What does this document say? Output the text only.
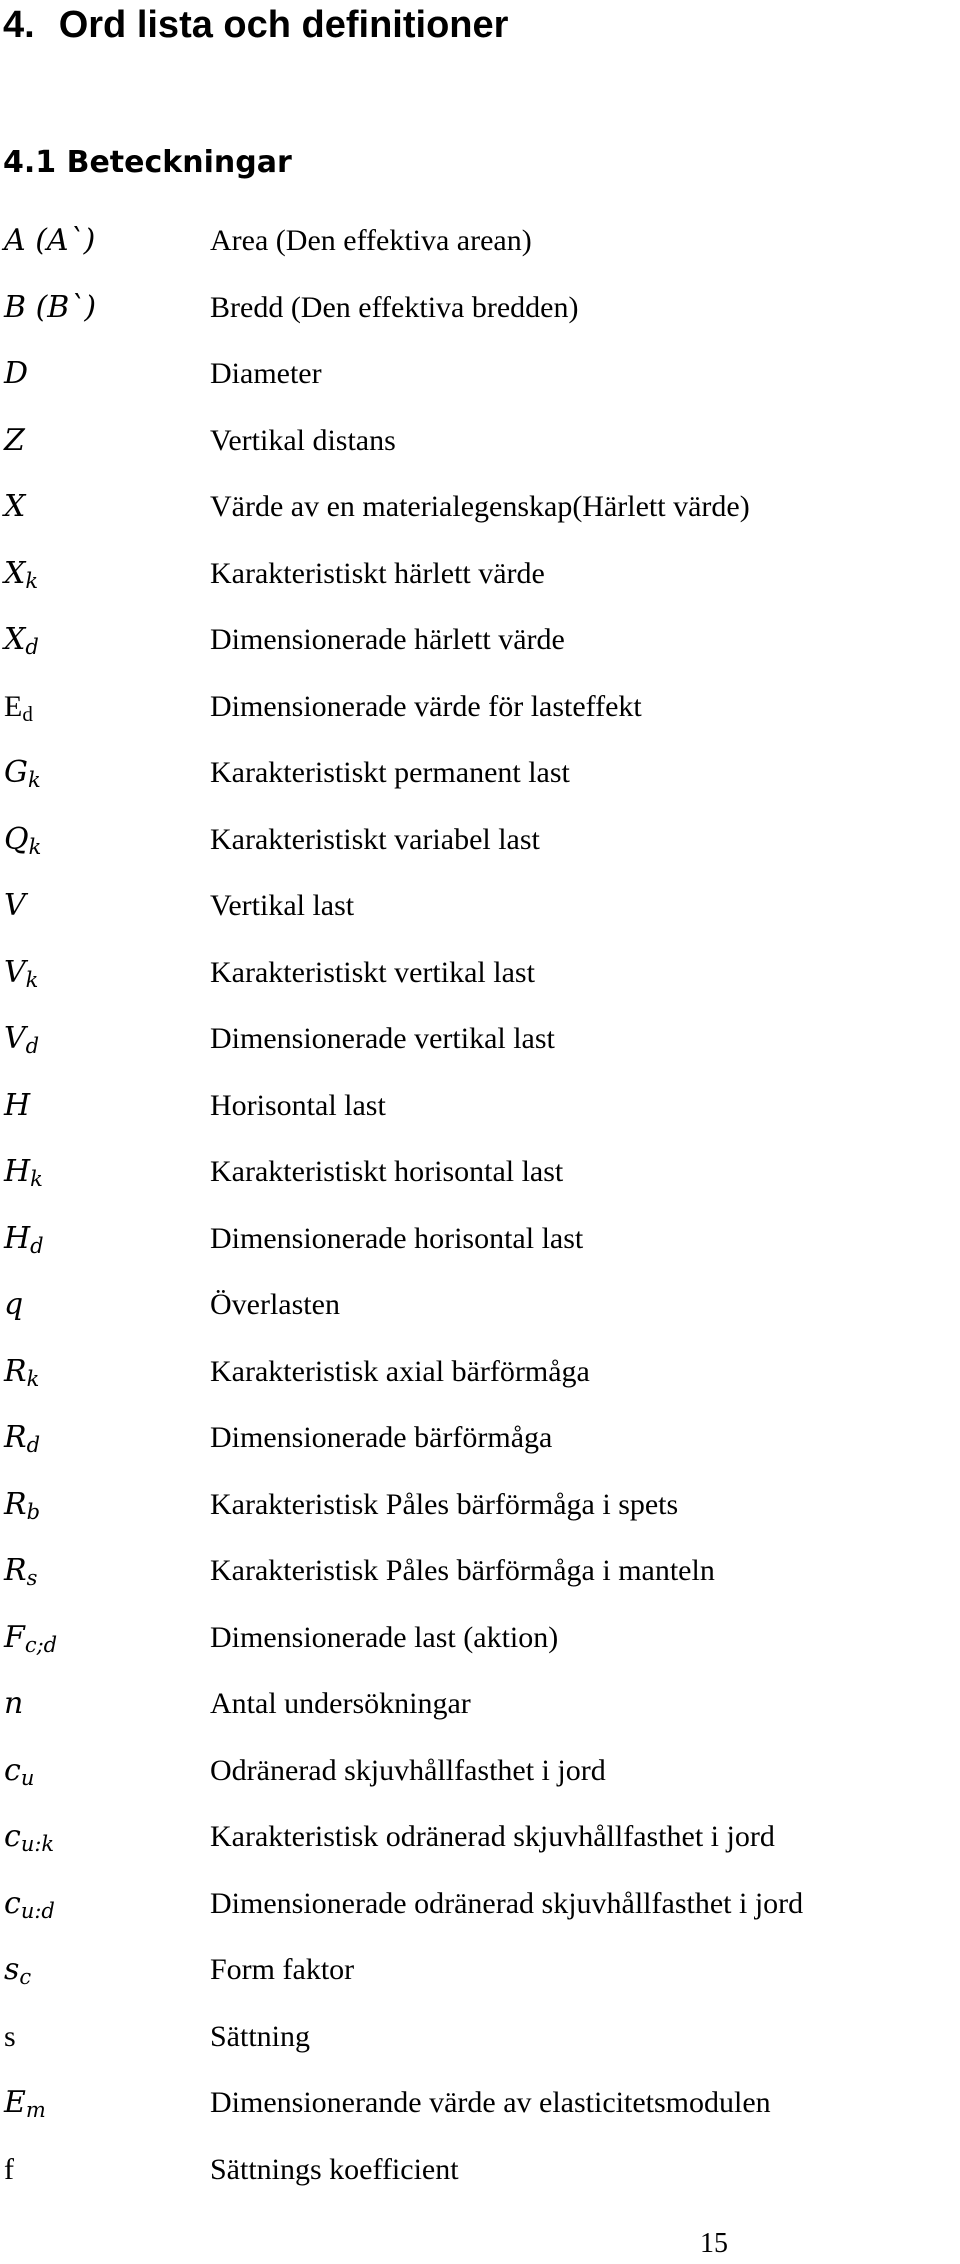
4. Ord lista och definitioner
4.1 Beteckningar
A (A`)	Area (Den effektiva arean)
B (B`)	Bredd (Den effektiva bredden)
D	Diameter
Z	Vertikal distans
X	Värde av en materialegenskap(Härlett värde)
$X_k$	Karakteristiskt härlett värde
$X_d$	Dimensionerade härlett värde
$E_d$	Dimensionerade värde för lasteffekt
$G_k$	Karakteristiskt permanent last
$Q_k$	Karakteristiskt variabel last
V	Vertikal last
$V_k$	Karakteristiskt vertikal last
$V_d$	Dimensionerade vertikal last
H	Horisontal last
$H_k$	Karakteristiskt horisontal last
$H_d$	Dimensionerade horisontal last
q	Överlasten
$R_k$	Karakteristisk axial bärförmåga
$R_d$	Dimensionerade bärförmåga
$R_b$	Karakteristisk Påles bärförmåga i spets
$R_s$	Karakteristisk Påles bärförmåga i manteln
$F_{c;d}$	Dimensionerade last (aktion)
n	Antal undersökningar
$c_u$	Odränerad skjuvhållfasthet i jord
$c_{u:k}$	Karakteristisk odränerad skjuvhållfasthet i jord
$c_{u:d}$	Dimensionerade odränerad skjuvhållfasthet i jord
$s_c$	Form faktor
s	Sättning
$E_m$	Dimensionerande värde av elasticitetsmodulen
f	Sättnings koefficient
15
